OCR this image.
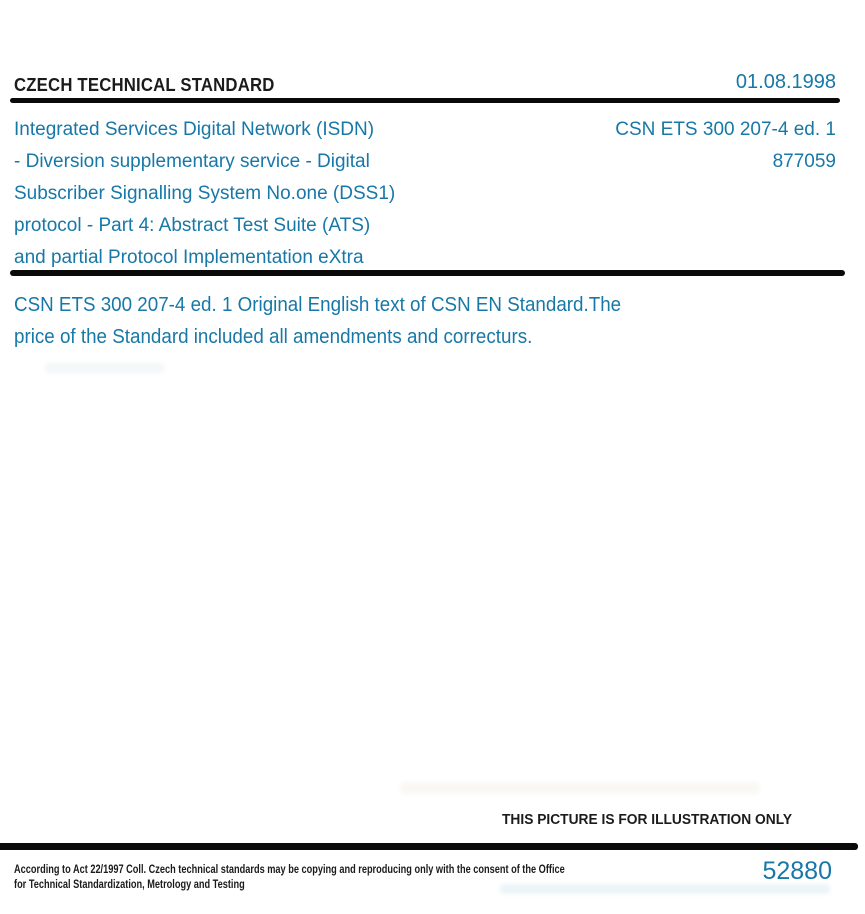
CZECH TECHNICAL STANDARD	01.08.1998
Integrated Services Digital Network (ISDN)
- Diversion supplementary service - Digital
Subscriber Signalling System No.one (DSS1)
protocol - Part 4: Abstract Test Suite (ATS)
and partial Protocol Implementation eXtra
CSN ETS 300 207-4 ed. 1
877059
CSN ETS 300 207-4 ed. 1 Original English text of CSN EN Standard.The
price of the Standard included all amendments and correcturs.
THIS PICTURE IS FOR ILLUSTRATION ONLY
According to Act 22/1997 Coll. Czech technical standards may be copying and reproducing only with the consent of the Office
for Technical Standardization, Metrology and Testing	52880
